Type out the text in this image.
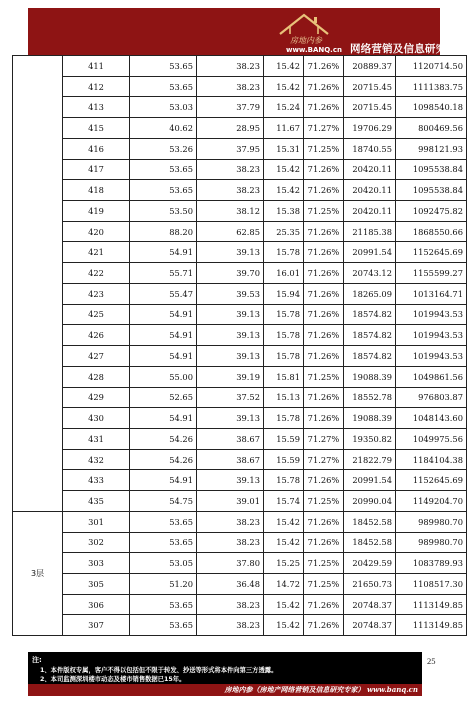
房地内参
www.BANQ.cn 网络营销及信息研究专家
	411	53.65	38.23	15.42	71.26%	20889.37	1120714.50
	412	53.65	38.23	15.42	71.26%	20715.45	1111383.75
	413	53.03	37.79	15.24	71.26%	20715.45	1098540.18
	415	40.62	28.95	11.67	71.27%	19706.29	800469.56
	416	53.26	37.95	15.31	71.25%	18740.55	998121.93
	417	53.65	38.23	15.42	71.26%	20420.11	1095538.84
	418	53.65	38.23	15.42	71.26%	20420.11	1095538.84
	419	53.50	38.12	15.38	71.25%	20420.11	1092475.82
	420	88.20	62.85	25.35	71.26%	21185.38	1868550.66
	421	54.91	39.13	15.78	71.26%	20991.54	1152645.69
	422	55.71	39.70	16.01	71.26%	20743.12	1155599.27
	423	55.47	39.53	15.94	71.26%	18265.09	1013164.71
	425	54.91	39.13	15.78	71.26%	18574.82	1019943.53
	426	54.91	39.13	15.78	71.26%	18574.82	1019943.53
	427	54.91	39.13	15.78	71.26%	18574.82	1019943.53
	428	55.00	39.19	15.81	71.25%	19088.39	1049861.56
	429	52.65	37.52	15.13	71.26%	18552.78	976803.87
	430	54.91	39.13	15.78	71.26%	19088.39	1048143.60
	431	54.26	38.67	15.59	71.27%	19350.82	1049975.56
	432	54.26	38.67	15.59	71.27%	21822.79	1184104.38
	433	54.91	39.13	15.78	71.26%	20991.54	1152645.69
	435	54.75	39.01	15.74	71.25%	20990.04	1149204.70
3层	301	53.65	38.23	15.42	71.26%	18452.58	989980.70
	302	53.65	38.23	15.42	71.26%	18452.58	989980.70
	303	53.05	37.80	15.25	71.25%	20429.59	1083789.93
	305	51.20	36.48	14.72	71.25%	21650.73	1108517.30
	306	53.65	38.23	15.42	71.26%	20748.37	1113149.85
	307	53.65	38.23	15.42	71.26%	20748.37	1113149.85
注:
1、本件版权专属，客户不得以包括但不限于转发、抄送等形式将本件向第三方透露。
2、本司监测深圳楼市动态及楼市销售数据已15年。
房地内参（房地产网络营销及信息研究专家） www.banq.cn
25
